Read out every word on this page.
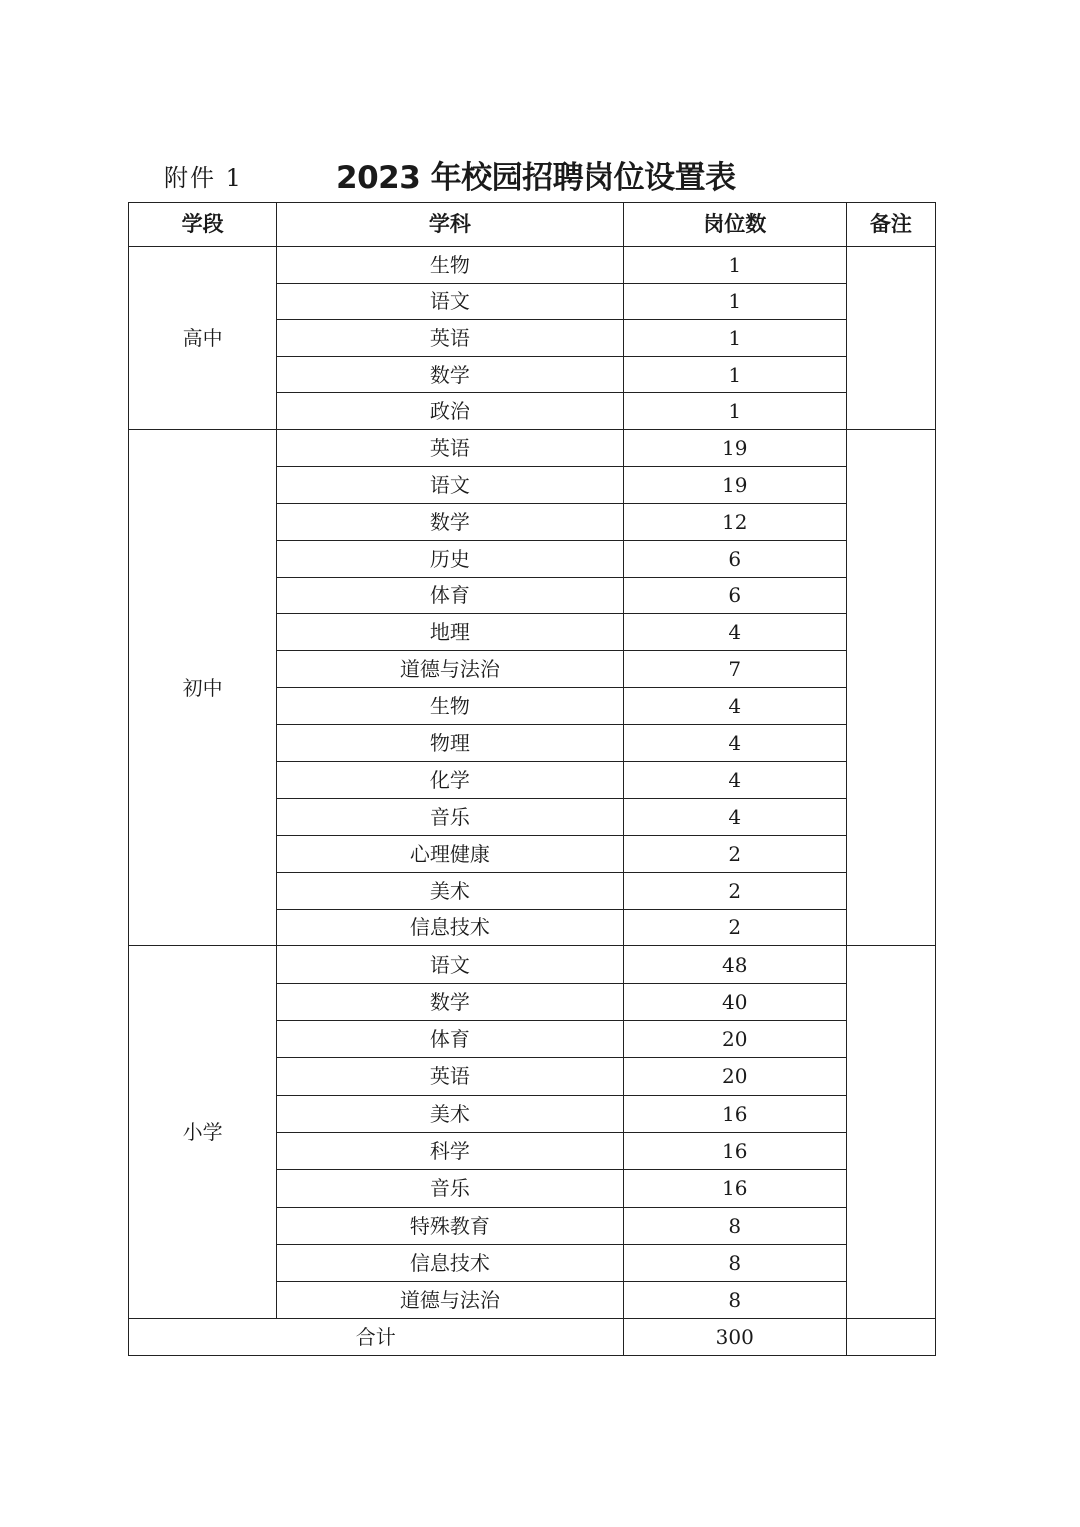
附件 1	2023 年校园招聘岗位设置表
学段	学科	岗位数	备注
高中	生物	1	
	语文	1	
	英语	1	
	数学	1	
	政治	1	
初中	英语	19	
	语文	19	
	数学	12	
	历史	6	
	体育	6	
	地理	4	
	道德与法治	7	
	生物	4	
	物理	4	
	化学	4	
	音乐	4	
	心理健康	2	
	美术	2	
	信息技术	2	
小学	语文	48	
	数学	40	
	体育	20	
	英语	20	
	美术	16	
	科学	16	
	音乐	16	
	特殊教育	8	
	信息技术	8	
	道德与法治	8	
合计		300	
